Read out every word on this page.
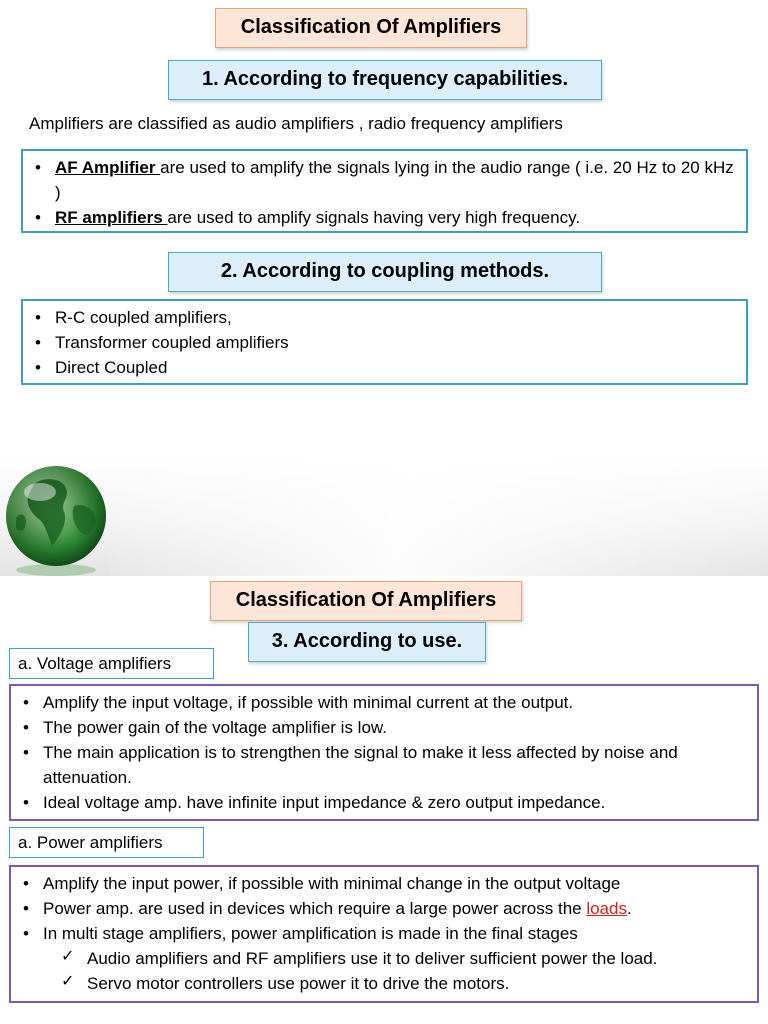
Classification Of Amplifiers
1. According to frequency capabilities.
Amplifiers are classified as audio amplifiers , radio frequency amplifiers
• AF Amplifier are used to amplify the signals lying in the audio range ( i.e. 20 Hz to 20 kHz )
• RF amplifiers are used to amplify signals having very high frequency.
2. According to coupling methods.
• R-C coupled amplifiers,
• Transformer coupled amplifiers
• Direct Coupled
Classification Of Amplifiers
3. According to use.
a. Voltage amplifiers
• Amplify the input voltage, if possible with minimal current at the output.
• The power gain of the voltage amplifier is low.
• The main application is to strengthen the signal to make it less affected by noise and attenuation.
• Ideal voltage amp. have infinite input impedance & zero output impedance.
a. Power amplifiers
• Amplify the input power, if possible with minimal change in the output voltage
• Power amp. are used in devices which require a large power across the loads.
• In multi stage amplifiers, power amplification is made in the final stages
✓ Audio amplifiers and RF amplifiers use it to deliver sufficient power the load.
✓ Servo motor controllers use power it to drive the motors.
